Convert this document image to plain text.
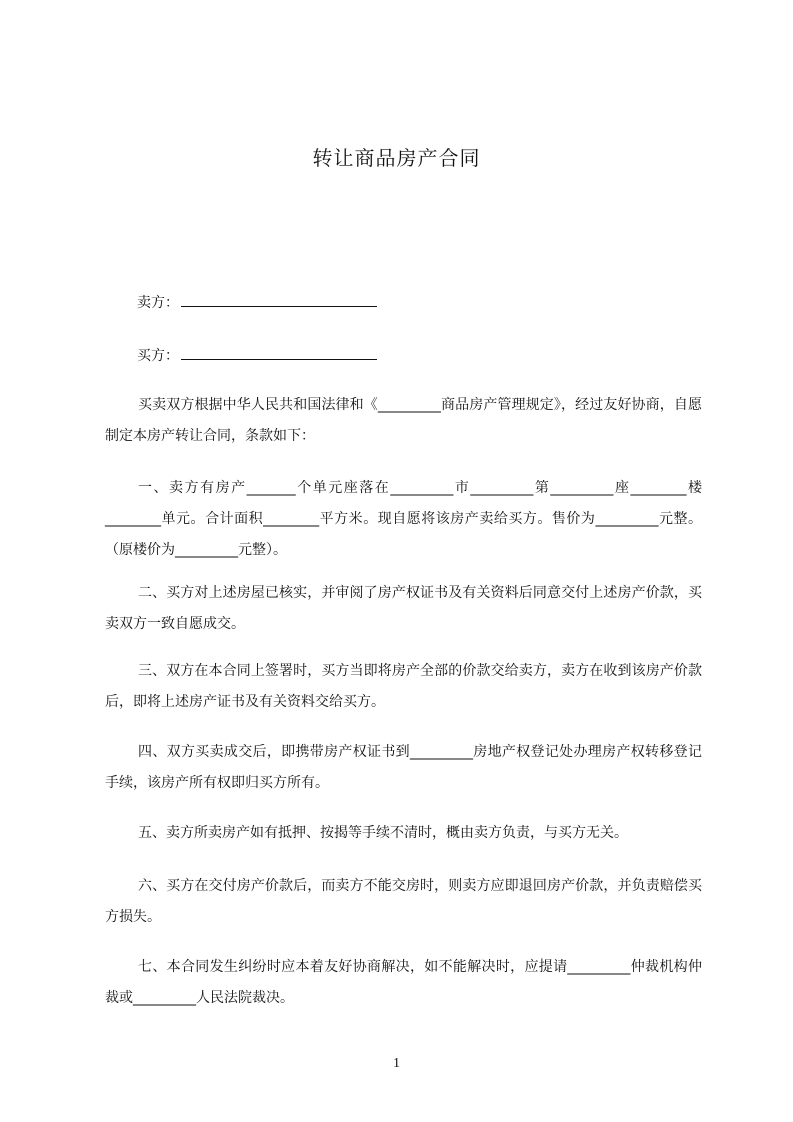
转让商品房产合同
卖方：
买方：

买卖双方根据中华人民共和国法律和《_________商品房产管理规定》，经过友好协商，自愿制定本房产转让合同，条款如下：

一、卖方有房产_______个单元座落在_________市_________第_________座________楼________单元。合计面积________平方米。现自愿将该房产卖给买方。售价为_________元整。（原楼价为_________元整）。

二、买方对上述房屋已核实，并审阅了房产权证书及有关资料后同意交付上述房产价款，买卖双方一致自愿成交。

三、双方在本合同上签署时，买方当即将房产全部的价款交给卖方，卖方在收到该房产价款后，即将上述房产证书及有关资料交给买方。

四、双方买卖成交后，即携带房产权证书到_________房地产权登记处办理房产权转移登记手续，该房产所有权即归买方所有。

五、卖方所卖房产如有抵押、按揭等手续不清时，概由卖方负责，与买方无关。

六、买方在交付房产价款后，而卖方不能交房时，则卖方应即退回房产价款，并负责赔偿买方损失。

七、本合同发生纠纷时应本着友好协商解决，如不能解决时，应提请_________仲裁机构仲裁或_________人民法院裁决。

1
